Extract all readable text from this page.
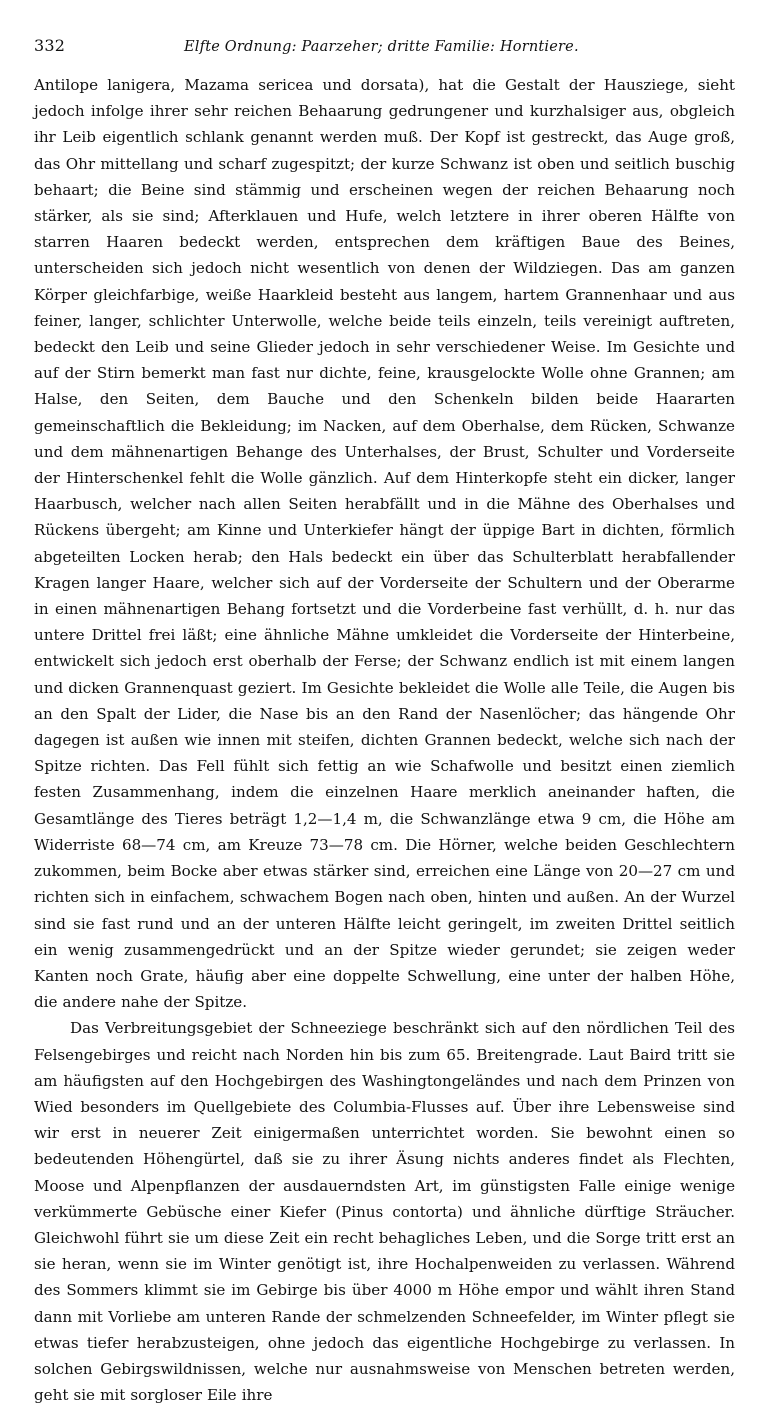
332	Elfte Ordnung: Paarzeher; dritte Familie: Horntiere.

Antilope lanigera, Mazama sericea und dorsata), hat die Gestalt der Hausziege, sieht jedoch infolge ihrer sehr reichen Behaarung gedrungener und kurzhalsiger aus, obgleich ihr Leib eigentlich schlank genannt werden muß. Der Kopf ist gestreckt, das Auge groß, das Ohr mittellang und scharf zugespitzt; der kurze Schwanz ist oben und seitlich buschig behaart; die Beine sind stämmig und erscheinen wegen der reichen Behaarung noch stärker, als sie sind; Afterklauen und Hufe, welch letztere in ihrer oberen Hälfte von starren Haaren bedeckt werden, entsprechen dem kräftigen Baue des Beines, unterscheiden sich jedoch nicht wesentlich von denen der Wildziegen. Das am ganzen Körper gleichfarbige, weiße Haarkleid besteht aus langem, hartem Grannenhaar und aus feiner, langer, schlichter Unterwolle, welche beide teils einzeln, teils vereinigt auftreten, bedeckt den Leib und seine Glieder jedoch in sehr verschiedener Weise. Im Gesichte und auf der Stirn bemerkt man fast nur dichte, feine, krausgelockte Wolle ohne Grannen; am Halse, den Seiten, dem Bauche und den Schenkeln bilden beide Haararten gemeinschaftlich die Bekleidung; im Nacken, auf dem Oberhalse, dem Rücken, Schwanze und dem mähnenartigen Behange des Unterhalses, der Brust, Schulter und Vorderseite der Hinterschenkel fehlt die Wolle gänzlich. Auf dem Hinterkopfe steht ein dicker, langer Haarbusch, welcher nach allen Seiten herabfällt und in die Mähne des Oberhalses und Rückens übergeht; am Kinne und Unterkiefer hängt der üppige Bart in dichten, förmlich abgeteilten Locken herab; den Hals bedeckt ein über das Schulterblatt herabfallender Kragen langer Haare, welcher sich auf der Vorderseite der Schultern und der Oberarme in einen mähnenartigen Behang fortsetzt und die Vorderbeine fast verhüllt, d. h. nur das untere Drittel frei läßt; eine ähnliche Mähne umkleidet die Vorderseite der Hinterbeine, entwickelt sich jedoch erst oberhalb der Ferse; der Schwanz endlich ist mit einem langen und dicken Grannenquast geziert. Im Gesichte bekleidet die Wolle alle Teile, die Augen bis an den Spalt der Lider, die Nase bis an den Rand der Nasenlöcher; das hängende Ohr dagegen ist außen wie innen mit steifen, dichten Grannen bedeckt, welche sich nach der Spitze richten. Das Fell fühlt sich fettig an wie Schafwolle und besitzt einen ziemlich festen Zusammenhang, indem die einzelnen Haare merklich aneinander haften, die Gesamtlänge des Tieres beträgt 1,2—1,4 m, die Schwanzlänge etwa 9 cm, die Höhe am Widerriste 68—74 cm, am Kreuze 73—78 cm. Die Hörner, welche beiden Geschlechtern zukommen, beim Bocke aber etwas stärker sind, erreichen eine Länge von 20—27 cm und richten sich in einfachem, schwachem Bogen nach oben, hinten und außen. An der Wurzel sind sie fast rund und an der unteren Hälfte leicht geringelt, im zweiten Drittel seitlich ein wenig zusammengedrückt und an der Spitze wieder gerundet; sie zeigen weder Kanten noch Grate, häufig aber eine doppelte Schwellung, eine unter der halben Höhe, die andere nahe der Spitze.

Das Verbreitungsgebiet der Schneeziege beschränkt sich auf den nördlichen Teil des Felsengebirges und reicht nach Norden hin bis zum 65. Breitengrade. Laut Baird tritt sie am häufigsten auf den Hochgebirgen des Washingtongeländes und nach dem Prinzen von Wied besonders im Quellgebiete des Columbia-Flusses auf. Über ihre Lebensweise sind wir erst in neuerer Zeit einigermaßen unterrichtet worden. Sie bewohnt einen so bedeutenden Höhengürtel, daß sie zu ihrer Äsung nichts anderes findet als Flechten, Moose und Alpenpflanzen der ausdauerndsten Art, im günstigsten Falle einige wenige verkümmerte Gebüsche einer Kiefer (Pinus contorta) und ähnliche dürftige Sträucher. Gleichwohl führt sie um diese Zeit ein recht behagliches Leben, und die Sorge tritt erst an sie heran, wenn sie im Winter genötigt ist, ihre Hochalpenweiden zu verlassen. Während des Sommers klimmt sie im Gebirge bis über 4000 m Höhe empor und wählt ihren Stand dann mit Vorliebe am unteren Rande der schmelzenden Schneefelder, im Winter pflegt sie etwas tiefer herabzusteigen, ohne jedoch das eigentliche Hochgebirge zu verlassen. In solchen Gebirgswildnissen, welche nur ausnahmsweise von Menschen betreten werden, geht sie mit sorgloser Eile ihre
